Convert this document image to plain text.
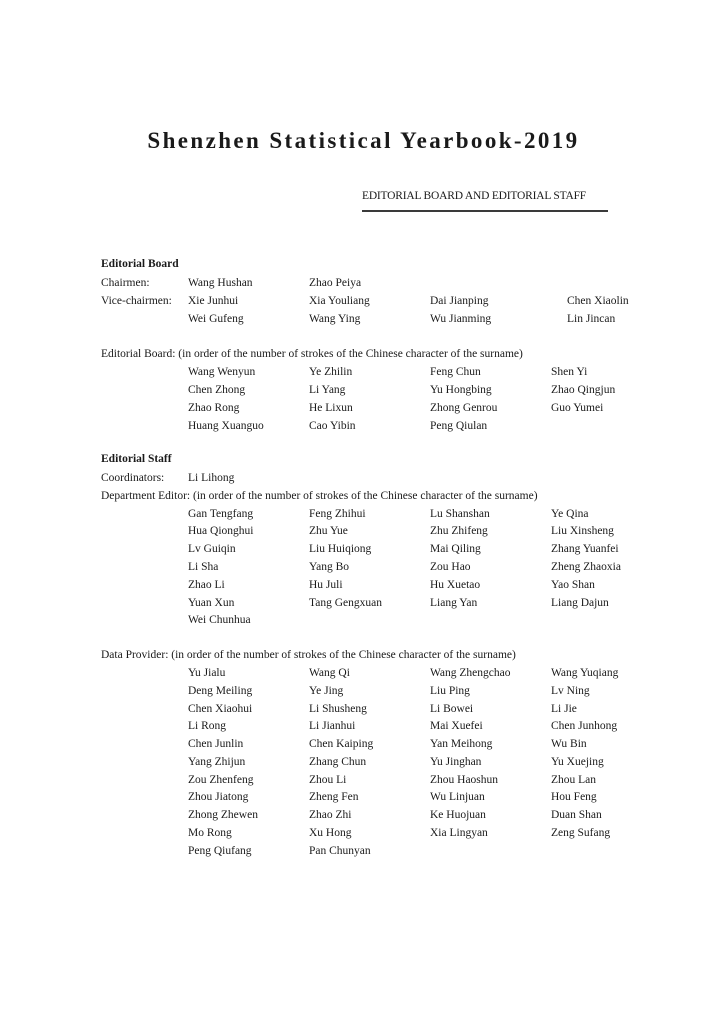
Shenzhen Statistical Yearbook-2019
EDITORIAL BOARD AND EDITORIAL STAFF
Editorial Board
Chairmen:	Wang Hushan	Zhao Peiya
Vice-chairmen: Xie Junhui	Xia Youliang	Dai Jianping	Chen Xiaolin
Wei Gufeng	Wang Ying	Wu Jianming	Lin Jincan
Editorial Board: (in order of the number of strokes of the Chinese character of the surname)
Wang Wenyun	Ye Zhilin	Feng Chun	Shen Yi
Chen Zhong	Li Yang	Yu Hongbing	Zhao Qingjun
Zhao Rong	He Lixun	Zhong Genrou	Guo Yumei
Huang Xuanguo	Cao Yibin	Peng Qiulan
Editorial Staff
Coordinators: Li Lihong
Department Editor: (in order of the number of strokes of the Chinese character of the surname)
Gan Tengfang	Feng Zhihui	Lu Shanshan	Ye Qina
Hua Qionghui	Zhu Yue	Zhu Zhifeng	Liu Xinsheng
Lv Guiqin	Liu Huiqiong	Mai Qiling	Zhang Yuanfei
Li Sha	Yang Bo	Zou Hao	Zheng Zhaoxia
Zhao Li	Hu Juli	Hu Xuetao	Yao Shan
Yuan Xun	Tang Gengxuan	Liang Yan	Liang Dajun
Wei Chunhua
Data Provider: (in order of the number of strokes of the Chinese character of the surname)
Yu Jialu	Wang Qi	Wang Zhengchao	Wang Yuqiang
Deng Meiling	Ye Jing	Liu Ping	Lv Ning
Chen Xiaohui	Li Shusheng	Li Bowei	Li Jie
Li Rong	Li Jianhui	Mai Xuefei	Chen Junhong
Chen Junlin	Chen Kaiping	Yan Meihong	Wu Bin
Yang Zhijun	Zhang Chun	Yu Jinghan	Yu Xuejing
Zou Zhenfeng	Zhou Li	Zhou Haoshun	Zhou Lan
Zhou Jiatong	Zheng Fen	Wu Linjuan	Hou Feng
Zhong Zhewen	Zhao Zhi	Ke Huojuan	Duan Shan
Mo Rong	Xu Hong	Xia Lingyan	Zeng Sufang
Peng Qiufang	Pan Chunyan
